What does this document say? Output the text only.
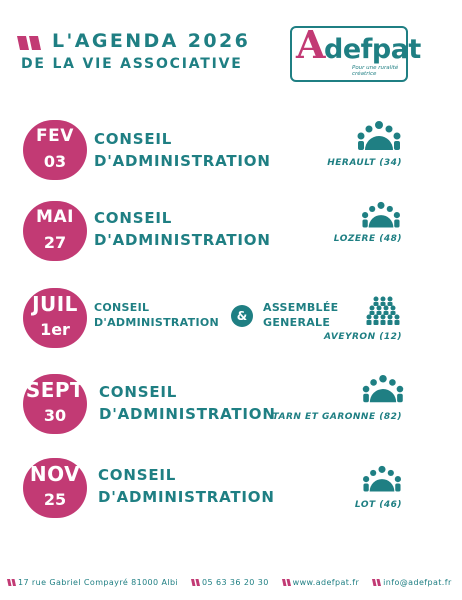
L'AGENDA 2026
DE LA VIE ASSOCIATIVE A
defpat
Pour une ruralité créatrice
FEV
03
CONSEIL
D'ADMINISTRATION	HERAULT (34)
MAI
27
CONSEIL
D'ADMINISTRATION	LOZERE (48)
JUIL
1er
CONSEIL
D'ADMINISTRATION	&
ASSEMBLÉE
GENERALE
AVEYRON (12)
SEPT
30
CONSEIL
D'ADMINISTRATION
TARN ET GARONNE (82)
NOV
25
CONSEIL
D'ADMINISTRATION	LOT (46)
17 rue Gabriel Compayré 81000 Albi	05 63 36 20 30	www.adefpat.fr	info@adefpat.fr
